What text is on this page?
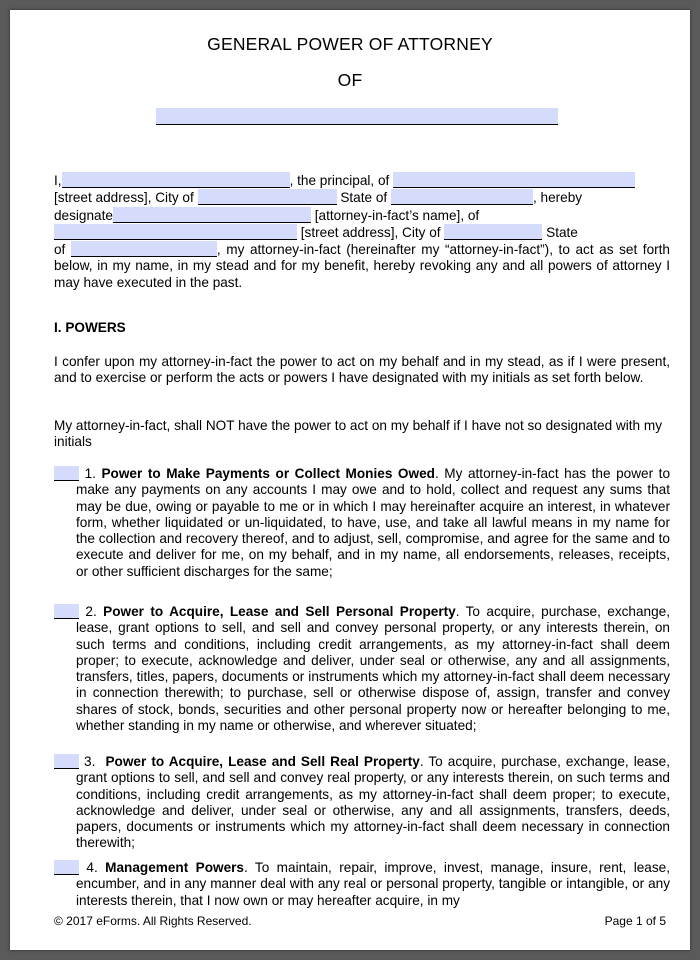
GENERAL POWER OF ATTORNEY
OF
I,	, the principal, of
[street address], City of	State of	, hereby
designate	[attorney-in-fact’s name], of
[street address], City of	State
of	, my attorney-in-fact (hereinafter my “attorney-in-fact”), to act as set forth below, in my name, in my stead and for my benefit, hereby revoking any and all powers of attorney I may have executed in the past.
I. POWERS
I confer upon my attorney-in-fact the power to act on my behalf and in my stead, as if I were present, and to exercise or perform the acts or powers I have designated with my initials as set forth below.
My attorney-in-fact, shall NOT have the power to act on my behalf if I have not so designated with my initials
1. Power to Make Payments or Collect Monies Owed. My attorney-in-fact has the power to make any payments on any accounts I may owe and to hold, collect and request any sums that may be due, owing or payable to me or in which I may hereinafter acquire an interest, in whatever form, whether liquidated or un-liquidated, to have, use, and take all lawful means in my name for the collection and recovery thereof, and to adjust, sell, compromise, and agree for the same and to execute and deliver for me, on my behalf, and in my name, all endorsements, releases, receipts, or other sufficient discharges for the same;
2. Power to Acquire, Lease and Sell Personal Property. To acquire, purchase, exchange, lease, grant options to sell, and sell and convey personal property, or any interests therein, on such terms and conditions, including credit arrangements, as my attorney-in-fact shall deem proper; to execute, acknowledge and deliver, under seal or otherwise, any and all assignments, transfers, titles, papers, documents or instruments which my attorney-in-fact shall deem necessary in connection therewith; to purchase, sell or otherwise dispose of, assign, transfer and convey shares of stock, bonds, securities and other personal property now or hereafter belonging to me, whether standing in my name or otherwise, and wherever situated;
3. Power to Acquire, Lease and Sell Real Property. To acquire, purchase, exchange, lease, grant options to sell, and sell and convey real property, or any interests therein, on such terms and conditions, including credit arrangements, as my attorney-in-fact shall deem proper; to execute, acknowledge and deliver, under seal or otherwise, any and all assignments, transfers, deeds, papers, documents or instruments which my attorney-in-fact shall deem necessary in connection therewith;
4. Management Powers. To maintain, repair, improve, invest, manage, insure, rent, lease, encumber, and in any manner deal with any real or personal property, tangible or intangible, or any interests therein, that I now own or may hereafter acquire, in my
© 2017 eForms. All Rights Reserved.	Page 1 of 5
